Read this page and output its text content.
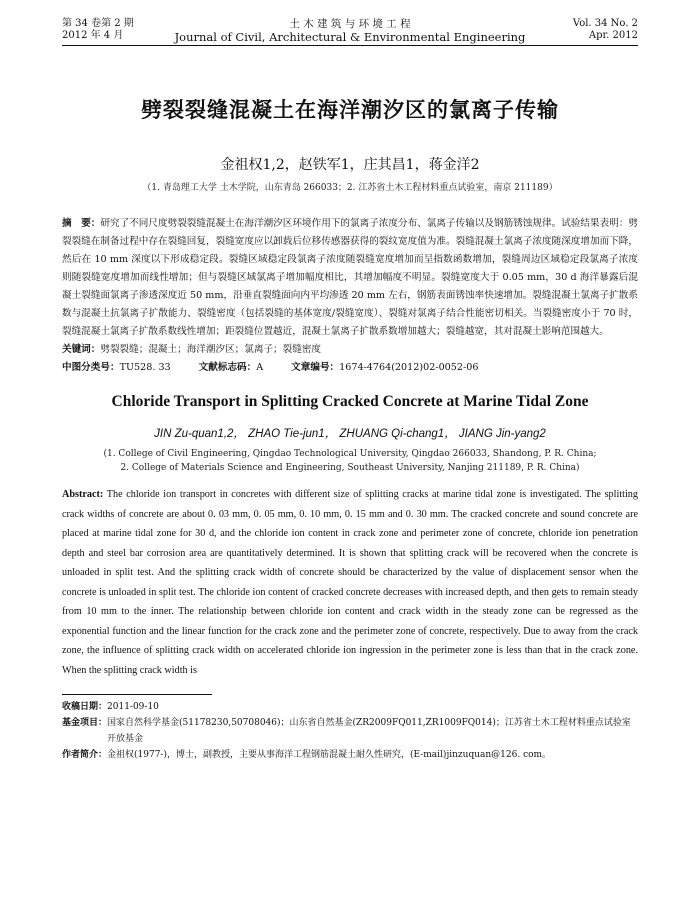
第 34 卷第 2 期
2012 年 4 月
土 木 建 筑 与 环 境 工 程
Journal of Civil, Architectural & Environmental Engineering
Vol. 34 No. 2
Apr. 2012
劈裂裂缝混凝土在海洋潮汐区的氯离子传输
金祖权1,2，赵铁军1，庄其昌1，蒋金洋2
（1. 青岛理工大学 土木学院，山东青岛 266033；2. 江苏省土木工程材料重点试验室，南京 211189）
摘　要：研究了不同尺度劈裂裂缝混凝土在海洋潮汐区环境作用下的氯离子浓度分布、氯离子传输以及钢筋锈蚀规律。试验结果表明：劈裂裂缝在制备过程中存在裂缝回复，裂缝宽度应以卸载后位移传感器获得的裂纹宽度值为准。裂缝混凝土氯离子浓度随深度增加而下降，然后在 10 mm 深度以下形成稳定段。裂缝区域稳定段氯离子浓度随裂缝宽度增加而呈指数函数增加，裂缝周边区域稳定段氯离子浓度则随裂缝宽度增加而线性增加；但与裂缝区域氯离子增加幅度相比，其增加幅度不明显。裂缝宽度大于 0.05 mm，30 d 海洋暴露后混凝土裂缝面氯离子渗透深度近 50 mm，沿垂直裂缝面向内平均渗透 20 mm 左右，钢筋表面锈蚀率快速增加。裂缝混凝土氯离子扩散系数与混凝土抗氯离子扩散能力、裂缝密度（包括裂缝的基体宽度/裂缝宽度）、裂缝对氯离子结合性能密切相关。当裂缝密度小于 70 时，裂缝混凝土氯离子扩散系数线性增加；距裂缝位置越近，混凝土氯离子扩散系数增加越大；裂缝越宽，其对混凝土影响范围越大。
关键词：劈裂裂缝；混凝土；海洋潮汐区；氯离子；裂缝密度
中图分类号：TU528. 33	文献标志码：A	文章编号：1674-4764(2012)02-0052-06
Chloride Transport in Splitting Cracked Concrete at Marine Tidal Zone
JIN Zu-quan1,2， ZHAO Tie-jun1， ZHUANG Qi-chang1， JIANG Jin-yang2
(1. College of Civil Engineering, Qingdao Technological University, Qingdao 266033, Shandong, P. R. China;
2. College of Materials Science and Engineering, Southeast University, Nanjing 211189, P. R. China)
Abstract: The chloride ion transport in concretes with different size of splitting cracks at marine tidal zone is investigated. The splitting crack widths of concrete are about 0. 03 mm, 0. 05 mm, 0. 10 mm, 0. 15 mm and 0. 30 mm. The cracked concrete and sound concrete are placed at marine tidal zone for 30 d, and the chloride ion content in crack zone and perimeter zone of concrete, chloride ion penetration depth and steel bar corrosion area are quantitatively determined. It is shown that splitting crack will be recovered when the concrete is unloaded in split test. And the splitting crack width of concrete should be characterized by the value of displacement sensor when the concrete is unloaded in split test. The chloride ion content of cracked concrete decreases with increased depth, and then gets to remain steady from 10 mm to the inner. The relationship between chloride ion content and crack width in the steady zone can be regressed as the exponential function and the linear function for the crack zone and the perimeter zone of concrete, respectively. Due to away from the crack zone, the influence of splitting crack width on accelerated chloride ion ingression in the perimeter zone is less than that in the crack zone. When the splitting crack width is
收稿日期： 2011-09-10
基金项目： 国家自然科学基金(51178230,50708046)；山东省自然基金(ZR2009FQ011,ZR1009FQ014)；江苏省土木工程材料重点试验室开放基金
作者简介： 金祖权(1977-)，博士，副教授，主要从事海洋工程钢筋混凝土耐久性研究，(E-mail)jinzuquan@126. com。
